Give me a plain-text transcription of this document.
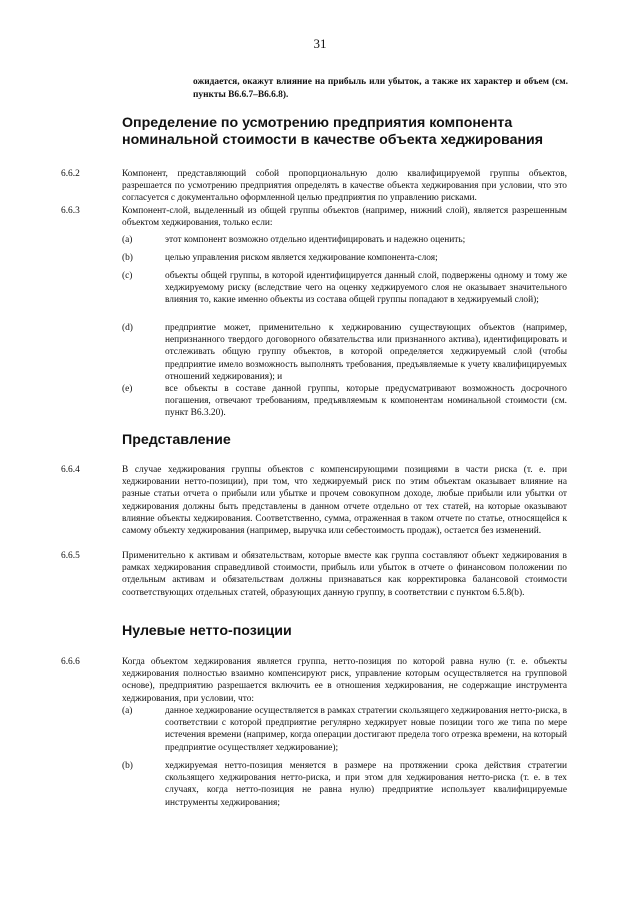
31
ожидается, окажут влияние на прибыль или убыток, а также их характер и объем (см. пункты В6.6.7–В6.6.8).
Определение по усмотрению предприятия компонента номинальной стоимости в качестве объекта хеджирования
6.6.2	Компонент, представляющий собой пропорциональную долю квалифицируемой группы объектов, разрешается по усмотрению предприятия определять в качестве объекта хеджирования при условии, что это согласуется с документально оформленной целью предприятия по управлению рисками.
6.6.3	Компонент-слой, выделенный из общей группы объектов (например, нижний слой), является разрешенным объектом хеджирования, только если:
(a)	этот компонент возможно отдельно идентифицировать и надежно оценить;
(b)	целью управления риском является хеджирование компонента-слоя;
(c)	объекты общей группы, в которой идентифицируется данный слой, подвержены одному и тому же хеджируемому риску (вследствие чего на оценку хеджируемого слоя не оказывает значительного влияния то, какие именно объекты из состава общей группы попадают в хеджируемый слой);
(d)	предприятие может, применительно к хеджированию существующих объектов (например, непризнанного твердого договорного обязательства или признанного актива), идентифицировать и отслеживать общую группу объектов, в которой определяется хеджируемый слой (чтобы предприятие имело возможность выполнять требования, предъявляемые к учету квалифицируемых отношений хеджирования); и
(e)	все объекты в составе данной группы, которые предусматривают возможность досрочного погашения, отвечают требованиям, предъявляемым к компонентам номинальной стоимости (см. пункт В6.3.20).
Представление
6.6.4	В случае хеджирования группы объектов с компенсирующими позициями в части риска (т. е. при хеджировании нетто-позиции), при том, что хеджируемый риск по этим объектам оказывает влияние на разные статьи отчета о прибыли или убытке и прочем совокупном доходе, любые прибыли или убытки от хеджирования должны быть представлены в данном отчете отдельно от тех статей, на которые оказывают влияние объекты хеджирования. Соответственно, сумма, отраженная в таком отчете по статье, относящейся к самому объекту хеджирования (например, выручка или себестоимость продаж), остается без изменений.
6.6.5	Применительно к активам и обязательствам, которые вместе как группа составляют объект хеджирования в рамках хеджирования справедливой стоимости, прибыль или убыток в отчете о финансовом положении по отдельным активам и обязательствам должны признаваться как корректировка балансовой стоимости соответствующих отдельных статей, образующих данную группу, в соответствии с пунктом 6.5.8(b).
Нулевые нетто-позиции
6.6.6	Когда объектом хеджирования является группа, нетто-позиция по которой равна нулю (т. е. объекты хеджирования полностью взаимно компенсируют риск, управление которым осуществляется на групповой основе), предприятию разрешается включить ее в отношения хеджирования, не содержащие инструмента хеджирования, при условии, что:
(a)	данное хеджирование осуществляется в рамках стратегии скользящего хеджирования нетто-риска, в соответствии с которой предприятие регулярно хеджирует новые позиции того же типа по мере истечения времени (например, когда операции достигают предела того отрезка времени, на который предприятие осуществляет хеджирование);
(b)	хеджируемая нетто-позиция меняется в размере на протяжении срока действия стратегии скользящего хеджирования нетто-риска, и при этом для хеджирования нетто-риска (т. е. в тех случаях, когда нетто-позиция не равна нулю) предприятие использует квалифицируемые инструменты хеджирования;
